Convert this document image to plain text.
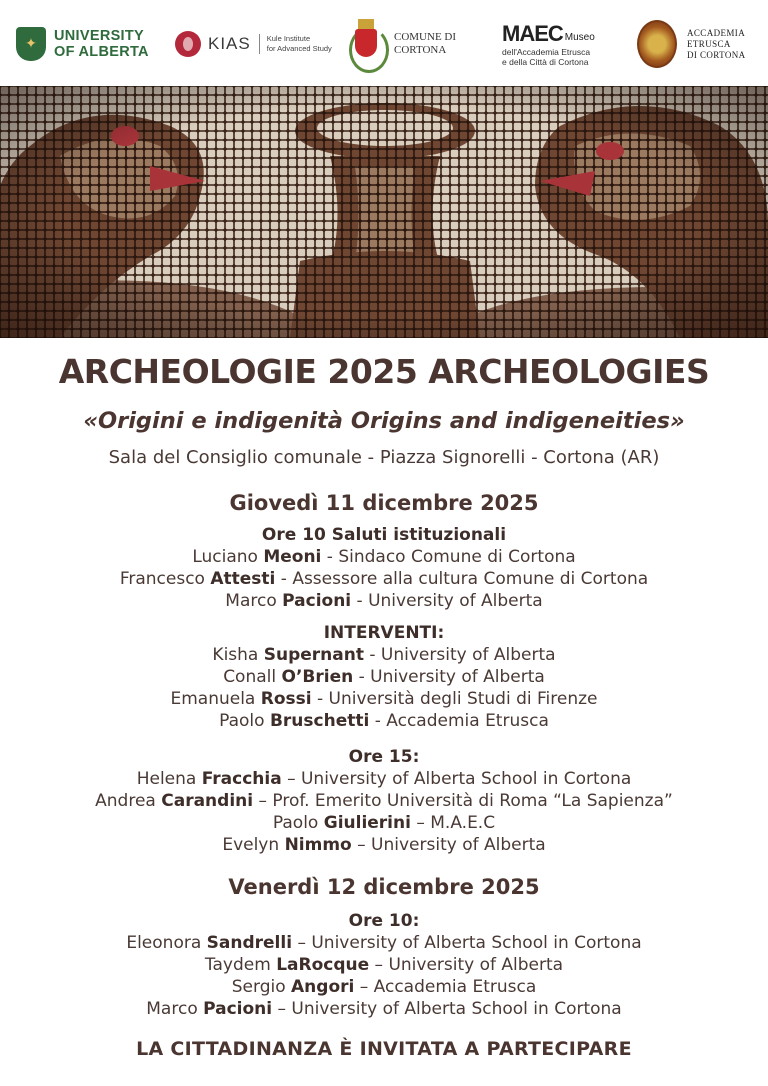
✦	UNIVERSITY
OF ALBERTA	KIAS Kule Institute
for Advanced Study
COMUNE DI
CORTONA
MAEC Museo
dell'Accademia Etrusca
e della Città di Cortona
ACCADEMIA
ETRUSCA
DI CORTONA
ARCHEOLOGIE 2025 ARCHEOLOGIES
«Origini e indigenità Origins and indigeneities»
Sala del Consiglio comunale - Piazza Signorelli - Cortona (AR)
Giovedì 11 dicembre 2025
Ore 10 Saluti istituzionali
Luciano Meoni - Sindaco Comune di Cortona
Francesco Attesti - Assessore alla cultura Comune di Cortona
Marco Pacioni - University of Alberta
INTERVENTI:
Kisha Supernant - University of Alberta
Conall O’Brien - University of Alberta
Emanuela Rossi - Università degli Studi di Firenze
Paolo Bruschetti - Accademia Etrusca
Ore 15:
Helena Fracchia – University of Alberta School in Cortona
Andrea Carandini – Prof. Emerito Università di Roma “La Sapienza”
Paolo Giulierini – M.A.E.C
Evelyn Nimmo – University of Alberta
Venerdì 12 dicembre 2025
Ore 10:
Eleonora Sandrelli – University of Alberta School in Cortona
Taydem LaRocque – University of Alberta
Sergio Angori – Accademia Etrusca
Marco Pacioni – University of Alberta School in Cortona
LA CITTADINANZA È INVITATA A PARTECIPARE
